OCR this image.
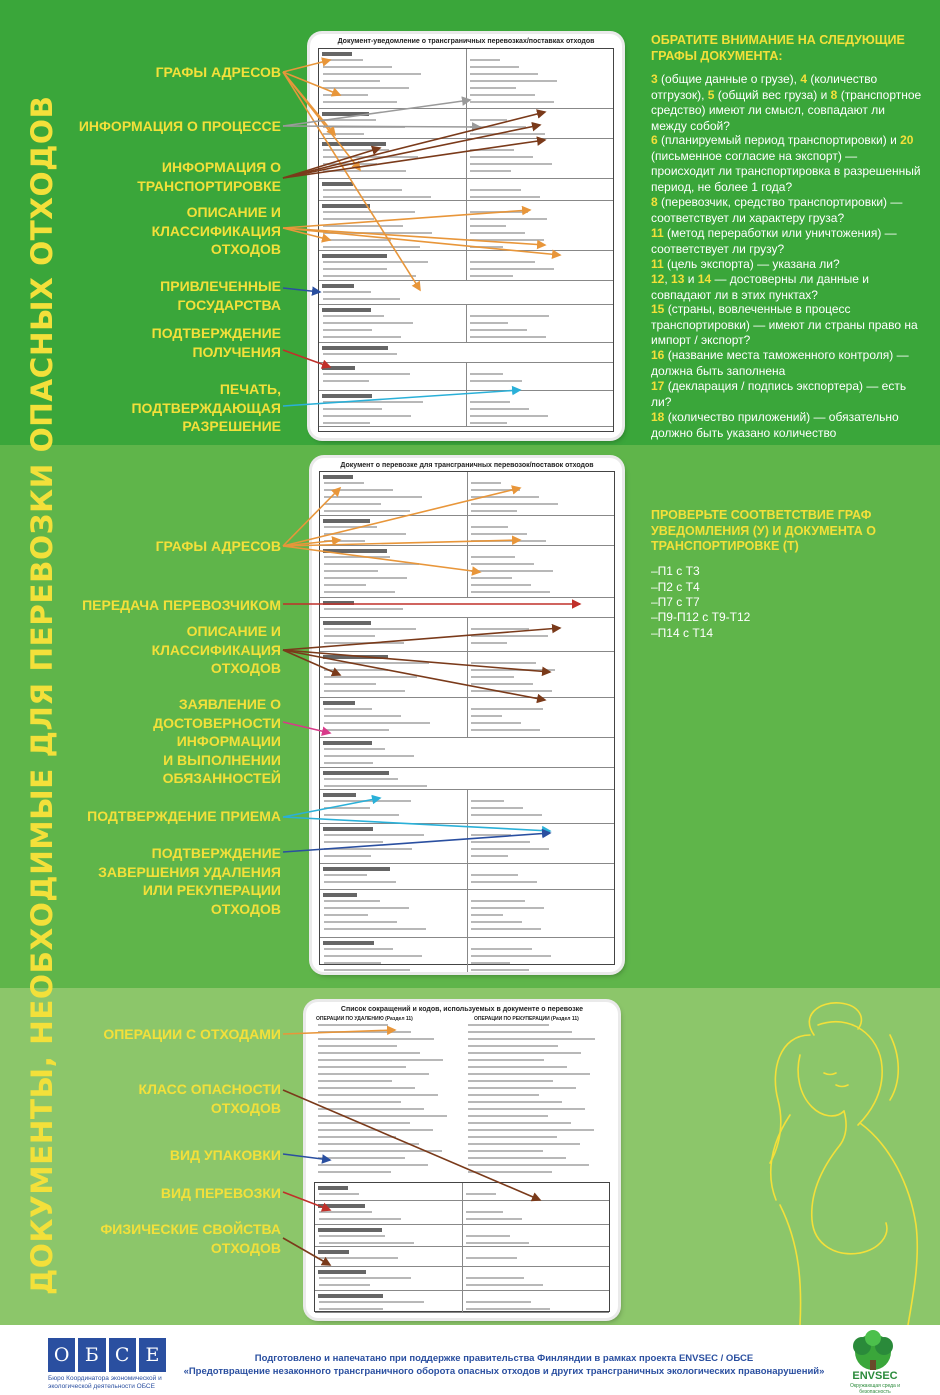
ДОКУМЕНТЫ, НЕОБХОДИМЫЕ ДЛЯ ПЕРЕВОЗКИ ОПАСНЫХ ОТХОДОВ
Документ-уведомление о трансграничных перевозках/поставках отходов
Документ о перевозке для трансграничных перевозок/поставок отходов
Список сокращений и кодов, используемых в документе о перевозке
ОПЕРАЦИИ ПО УДАЛЕНИЮ (Раздел 11)	ОПЕРАЦИИ ПО РЕКУПЕРАЦИИ (Раздел 11)
ГРАФЫ АДРЕСОВ
ИНФОРМАЦИЯ О ПРОЦЕССЕ
ИНФОРМАЦИЯ О
ТРАНСПОРТИРОВКЕ
ОПИСАНИЕ И
КЛАССИФИКАЦИЯ
ОТХОДОВ
ПРИВЛЕЧЕННЫЕ
ГОСУДАРСТВА
ПОДТВЕРЖДЕНИЕ
ПОЛУЧЕНИЯ
ПЕЧАТЬ,
ПОДТВЕРЖДАЮЩАЯ
РАЗРЕШЕНИЕ
ОБРАТИТЕ ВНИМАНИЕ НА СЛЕДУЮЩИЕ ГРАФЫ ДОКУМЕНТА:
3 (общие данные о грузе), 4 (количество отгрузок), 5 (общий вес груза) и 8 (транспортное средство) имеют ли смысл, совпадают ли между собой?
6 (планируемый период транспортировки) и 20 (письменное согласие на экспорт) — происходит ли транспортировка в разрешенный период, не более 1 года?
8 (перевозчик, средство транспортировки) — соответствует ли характеру груза?
11 (метод переработки или уничтожения) — соответствует ли грузу?
11 (цель экспорта) — указана ли?
12, 13 и 14 — достоверны ли данные и совпадают ли в этих пунктах?
15 (страны, вовлеченные в процесс транспортировки) — имеют ли страны право на импорт / экспорт?
16 (название места таможенного контроля) — должна быть заполнена
17 (декларация / подпись экспортера) — есть ли?
18 (количество приложений) — обязательно должно быть указано количество
ГРАФЫ АДРЕСОВ
ПЕРЕДАЧА ПЕРЕВОЗЧИКОМ
ОПИСАНИЕ И
КЛАССИФИКАЦИЯ
ОТХОДОВ
ЗАЯВЛЕНИЕ О
ДОСТОВЕРНОСТИ
ИНФОРМАЦИИ
И ВЫПОЛНЕНИИ
ОБЯЗАННОСТЕЙ
ПОДТВЕРЖДЕНИЕ ПРИЕМА
ПОДТВЕРЖДЕНИЕ
ЗАВЕРШЕНИЯ УДАЛЕНИЯ
ИЛИ РЕКУПЕРАЦИИ
ОТХОДОВ
ПРОВЕРЬТЕ СООТВЕТСТВИЕ ГРАФ УВЕДОМЛЕНИЯ (У) И ДОКУМЕНТА О ТРАНСПОРТИРОВКЕ (Т)
–П1 с Т3
–П2 с Т4
–П7 с Т7
–П9-П12 с Т9-Т12
–П14 с Т14
ОПЕРАЦИИ С ОТХОДАМИ
КЛАСС ОПАСНОСТИ
ОТХОДОВ
ВИД УПАКОВКИ
ВИД ПЕРЕВОЗКИ
ФИЗИЧЕСКИЕ СВОЙСТВА
ОТХОДОВ
О Б С Е
Бюро Координатора экономической и экологической деятельности ОБСЕ
Подготовлено и напечатано при поддержке правительства Финляндии в рамках проекта ENVSEC / ОБСЕ
«Предотвращение незаконного трансграничного оборота опасных отходов и других трансграничных экологических правонарушений»	ENVSEC
Окружающая среда и безопасность
